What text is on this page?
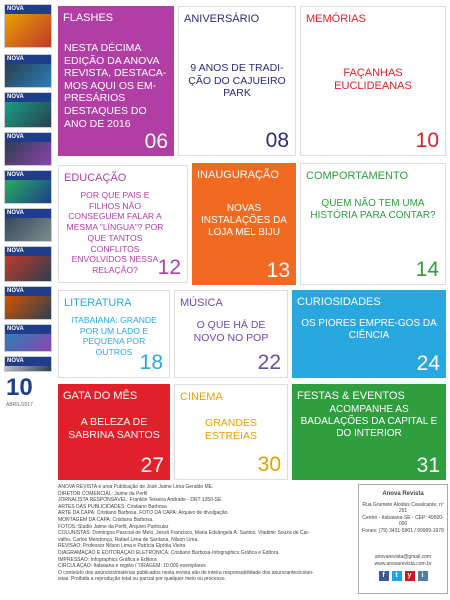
NOVA
NOVA
NOVA
NOVA
NOVA
NOVA
NOVA
NOVA
NOVA
NOVA
10
ABRIL/2017
FLASHES
NESTA DÉCIMA EDIÇÃO DA ANOVA REVISTA, DESTACA-MOS AQUI OS EM-PRESÁRIOS DESTAQUES DO ANO DE 2016
06
ANIVERSÁRIO
9 ANOS DE TRADI-ÇÃO DO CAJUEIRO PARK
08
MEMÓRIAS
FAÇANHAS EUCLIDEANAS
10
EDUCAÇÃO
POR QUE PAIS E FILHOS NÃO CONSEGUEM FALAR A MESMA “LÍNGUA”? POR QUE TANTOS CONFLITOS ENVOLVIDOS NESSA RELAÇÃO? 12
INAUGURAÇÃO
NOVAS INSTALAÇÕES DA LOJA MEL BIJU
13
COMPORTAMENTO
QUEM NÃO TEM UMA HISTÓRIA PARA CONTAR?
14
LITERATURA
ITABAIANA: GRANDE POR UM LADO E PEQUENA POR OUTROS 18
MÚSICA
O QUE HÁ DE NOVO NO POP
22
CURIOSIDADES
OS PIORES EMPRE-GOS DA CIÊNCIA
24
GATA DO MÊS
A BELEZA DE SABRINA SANTOS
27
CINEMA
GRANDES ESTRÉIAS
30
FESTAS & EVENTOS
ACOMPANHE AS BADALAÇÕES DA CAPITAL E DO INTERIOR
31
ANOVA REVISTA é uma Publicação de José Jaime Lima Geraldo ME.
DIRETOR COMERCIAL: Jaime da Perfil
JORNALISTA RESPONSÁVEL: Franklin Teixeira Andrade - DRT 1350-SE
ARTES DAS PUBLICIDADES: Cristiano Barbosa
ARTE DA CAPA: Cristiano Barbosa. FOTO DA CAPA: Arquivo de divulgação.
MONTAGEM DA CAPA: Cristiano Barbosa.
FOTOS: Studio Jaime da Perfil, Arquivo Particular
COLUNISTAS: Domingos Pascoal de Melo, Jesvã Francisco, Maria Edvângela A. Santos, Vladimir Souza de Car-
valho, Carlos Mendonça, Rafael Lima de Santana, Nilson Lima.
REVISÃO: Professor Nilson Lima e Patrícia Elpídia Vieira
DIAGRAMAÇÃO E EDITORAÇÃO ELETRÔNICA: Cristiano Barbosa-Infographics Gráfica e Editora.
IMPRESSÃO: Infographics Gráfica e Editora
CIRCULAÇÃO: Itabaiana e região / TIRAGEM: 10.000 exemplares
O conteúdo dos anúncios/matérias publicados nesta revista são de inteira responsabilidade dos anunciantes/colun-
istas. Proibida a reprodução total ou parcial por qualquer meio ou processo.
Anova Revista
Rua Grumete Aloides Cavalcante, nº 291
Centro - Itabaiana-SE - CEP: 49500-000
Fones: (79) 3431-5901 / 99969-1978
anovarevista@gmail.com
www.anovarevista.com.br
f	t	y	i
